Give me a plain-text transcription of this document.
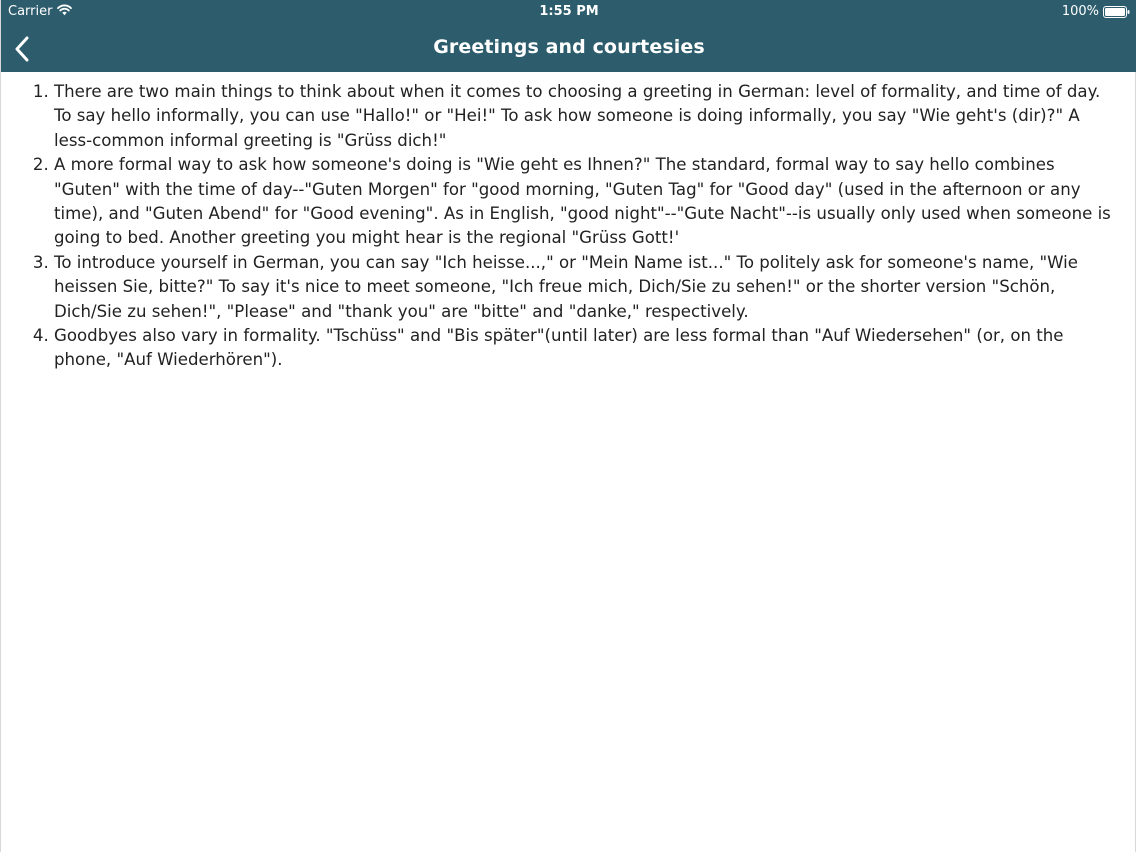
Carrier	1:55 PM	100%
Greetings and courtesies
1. There are two main things to think about when it comes to choosing a greeting in German: level of formality, and time of day. To say hello informally, you can use "Hallo!" or "Hei!" To ask how someone is doing informally, you say "Wie geht's (dir)?" A less-common informal greeting is "Grüss dich!"
2. A more formal way to ask how someone's doing is "Wie geht es Ihnen?" The standard, formal way to say hello combines "Guten" with the time of day--"Guten Morgen" for "good morning, "Guten Tag" for "Good day" (used in the afternoon or any time), and "Guten Abend" for "Good evening". As in English, "good night"--"Gute Nacht"--is usually only used when someone is going to bed. Another greeting you might hear is the regional "Grüss Gott!'
3. To introduce yourself in German, you can say "Ich heisse...," or "Mein Name ist..." To politely ask for someone's name, "Wie heissen Sie, bitte?" To say it's nice to meet someone, "Ich freue mich, Dich/Sie zu sehen!" or the shorter version "Schön, Dich/Sie zu sehen!", "Please" and "thank you" are "bitte" and "danke," respectively.
4. Goodbyes also vary in formality. "Tschüss" and "Bis später"(until later) are less formal than "Auf Wiedersehen" (or, on the phone, "Auf Wiederhören").
